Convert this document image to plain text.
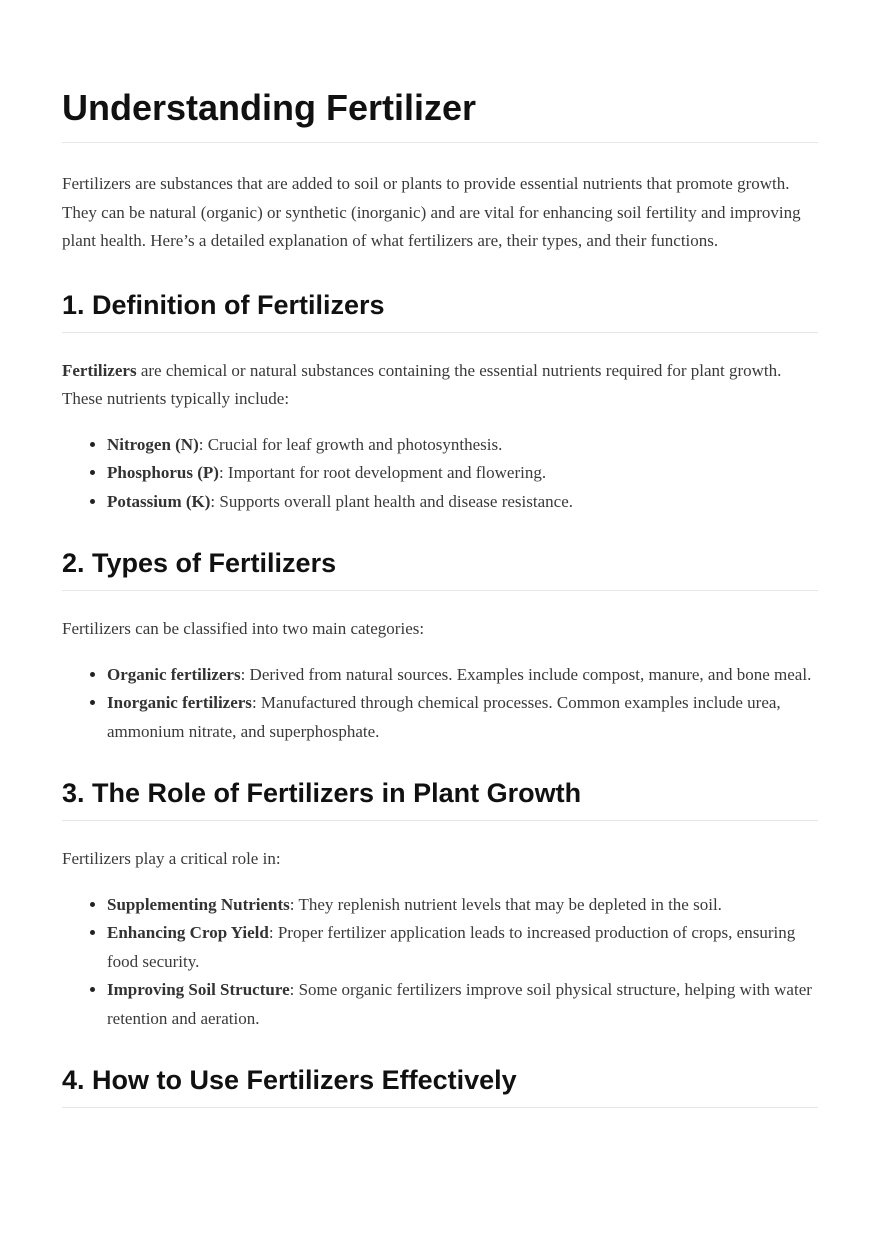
Understanding Fertilizer

Fertilizers are substances that are added to soil or plants to provide essential nutrients that promote growth. They can be natural (organic) or synthetic (inorganic) and are vital for enhancing soil fertility and improving plant health. Here’s a detailed explanation of what fertilizers are, their types, and their functions.

1. Definition of Fertilizers

Fertilizers are chemical or natural substances containing the essential nutrients required for plant growth. These nutrients typically include:

• Nitrogen (N): Crucial for leaf growth and photosynthesis.
• Phosphorus (P): Important for root development and flowering.
• Potassium (K): Supports overall plant health and disease resistance.
2. Types of Fertilizers

Fertilizers can be classified into two main categories:

• Organic fertilizers: Derived from natural sources. Examples include compost, manure, and bone meal.
• Inorganic fertilizers: Manufactured through chemical processes. Common examples include urea, ammonium nitrate, and superphosphate.
3. The Role of Fertilizers in Plant Growth

Fertilizers play a critical role in:

• Supplementing Nutrients: They replenish nutrient levels that may be depleted in the soil.
• Enhancing Crop Yield: Proper fertilizer application leads to increased production of crops, ensuring food security.
• Improving Soil Structure: Some organic fertilizers improve soil physical structure, helping with water retention and aeration.
4. How to Use Fertilizers Effectively
